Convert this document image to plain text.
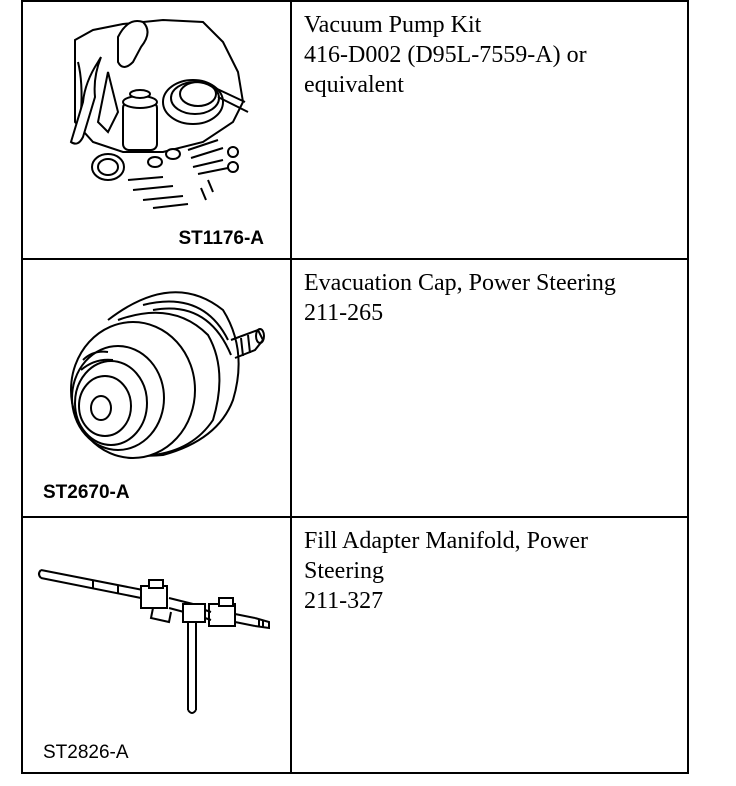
ST1176-A	Vacuum Pump Kit
416-D002 (D95L-7559-A) or
equivalent

ST2670-A	Evacuation Cap, Power Steering
211-265

ST2826-A	Fill Adapter Manifold, Power
Steering
211-327
